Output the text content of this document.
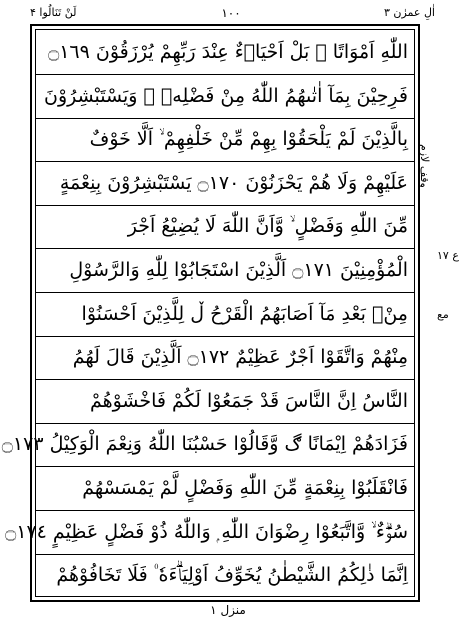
لَنْ تَنَالُوا ۴	١٠٠	اٰلِ عمرٰن ٣
اللّٰهِ اَمْوَاتًا ۭ بَلْ اَحْيَاۗءٌ عِنْدَ رَبِّهِمْ يُرْزَقُوْنَ ۝١٦٩
فَرِحِيْنَ بِمَآ اٰتٰىهُمُ اللّٰهُ مِنْ فَضْلِهٖ ۙ وَيَسْتَبْشِرُوْنَ
بِالَّذِيْنَ لَمْ يَلْحَقُوْا بِهِمْ مِّنْ خَلْفِهِمْ ۙ اَلَّا خَوْفٌ
عَلَيْهِمْ وَلَا ھُمْ يَحْزَنُوْنَ ۝١٧٠ يَسْتَبْشِرُوْنَ بِنِعْمَةٍ
مِّنَ اللّٰهِ وَفَضْلٍ ۙ وَّاَنَّ اللّٰهَ لَا يُضِيْعُ اَجْرَ
الْمُؤْمِنِيْنَ ۝١٧١ اَلَّذِيْنَ اسْتَجَابُوْا لِلّٰهِ وَالرَّسُوْلِ
مِنْۢ بَعْدِ مَآ اَصَابَهُمُ الْقَرْحُ ڵ لِلَّذِيْنَ اَحْسَنُوْا
مِنْهُمْ وَاتَّقَوْا اَجْرٌ عَظِيْمٌ ۝١٧٢ اَلَّذِيْنَ قَالَ لَهُمُ
النَّاسُ اِنَّ النَّاسَ قَدْ جَمَعُوْا لَكُمْ فَاخْشَوْھُمْ
فَزَادَھُمْ اِيْمَانًا ڰ وَّقَالُوْا حَسْبُنَا اللّٰهُ وَنِعْمَ الْوَكِيْلُ ۝١٧٣
فَانْقَلَبُوْا بِنِعْمَةٍ مِّنَ اللّٰهِ وَفَضْلٍ لَّمْ يَمْسَسْهُمْ
سُوْۗءٌ ۙ وَّاتَّبَعُوْا رِضْوَانَ اللّٰهِ ۭ وَاللّٰهُ ذُوْ فَضْلٍ عَظِيْمٍ ۝١٧٤
اِنَّمَا ذٰلِكُمُ الشَّيْطٰنُ يُخَوِّفُ اَوْلِيَاۗءَهٗ ۠ فَلَا تَخَافُوْھُمْ
وقف لازم
ع ۱۷
مع
منزل ۱
